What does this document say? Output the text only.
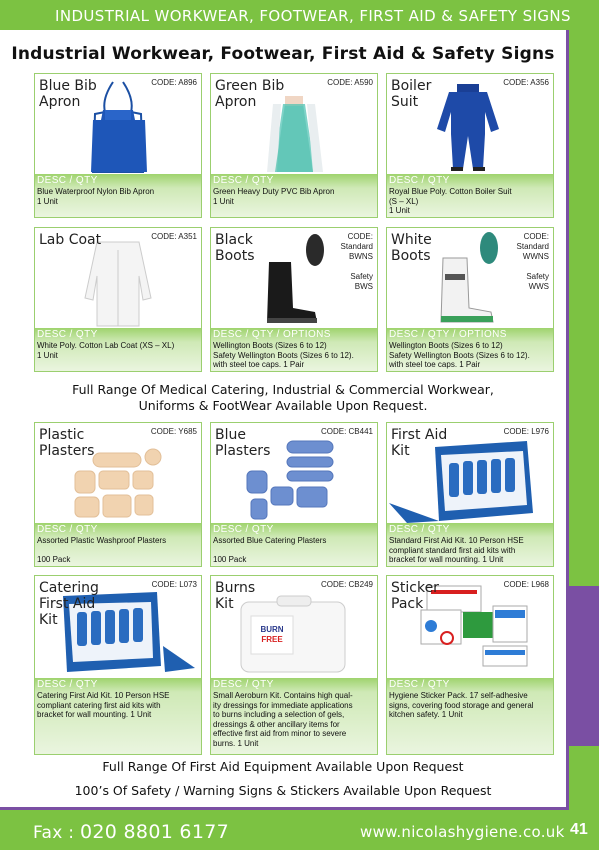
INDUSTRIAL WORKWEAR, FOOTWEAR, FIRST AID & SAFETY SIGNS
Industrial Workwear, Footwear, First Aid & Safety Signs
Blue Bib
Apron
CODE: A896
DESC / QTY
Blue Waterproof Nylon Bib Apron
1 Unit
Green Bib
Apron
CODE: A590
DESC / QTY
Green Heavy Duty PVC Bib Apron
1 Unit
Boiler
Suit
CODE: A356
DESC / QTY
Royal Blue Poly. Cotton Boiler Suit
(S – XL)
1 Unit
Lab Coat	CODE: A351
DESC / QTY
White Poly. Cotton Lab Coat (XS – XL)
1 Unit
Black
Boots
CODE:
Standard
BWNS

Safety
BWS
DESC / QTY / OPTIONS
Wellington Boots (Sizes 6 to 12)
Safety Wellington Boots (Sizes 6 to 12).
with steel toe caps. 1 Pair
White
Boots
CODE:
Standard
WWNS

Safety
WWS
DESC / QTY / OPTIONS
Wellington Boots (Sizes 6 to 12)
Safety Wellington Boots (Sizes 6 to 12).
with steel toe caps. 1 Pair
Full Range Of Medical Catering, Industrial & Commercial Workwear,
Uniforms & FootWear Available Upon Request.
Plastic
Plasters
CODE: Y685
DESC / QTY
Assorted Plastic Washproof Plasters

100 Pack
Blue
Plasters
CODE: CB441
DESC / QTY
Assorted Blue Catering Plasters

100 Pack
First Aid
Kit
CODE: L976
DESC / QTY
Standard First Aid Kit. 10 Person HSE
compliant standard first aid kits with
bracket for wall mounting. 1 Unit
Catering
First Aid
Kit
CODE: L073
DESC / QTY
Catering First Aid Kit. 10 Person HSE
compliant catering first aid kits with
bracket for wall mounting. 1 Unit
BURN
FREE
Burns
Kit
CODE: CB249
DESC / QTY
Small Aeroburn Kit. Contains high qual-
ity dressings for immediate applications
to burns including a selection of gels,
dressings & other ancillary items for
effective first aid from minor to severe
burns. 1 Unit
Sticker
Pack
CODE: L968
DESC / QTY
Hygiene Sticker Pack. 17 self-adhesive
signs, covering food storage and general
kitchen safety. 1 Unit
Full Range Of First Aid Equipment Available Upon Request
100’s Of Safety / Warning Signs & Stickers Available Upon Request
Fax : 020 8801 6177	www.nicolashygiene.co.uk 41
